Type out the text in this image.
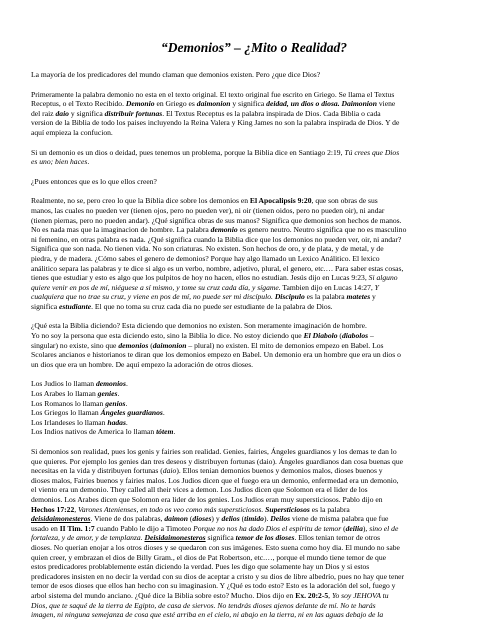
“Demonios” – ¿Mito o Realidad?

La mayoría de los predicadores del mundo claman que demonios existen. Pero ¿que dice Dios?

Primeramente la palabra demonio no esta en el texto original. El texto original fue escrito en Griego. Se llama el Textus
Receptus, o el Texto Recibido. Demonio en Griego es daimonion y significa deidad, un dios o diosa. Daimonion viene
del raiz daio y significa distribuir fortunas. El Textus Receptus es la palabra inspirada de Dios. Cada Biblia o cada
version de la Biblia de todo los paises incluyendo la Reina Valera y King James no son la palabra inspirada de Dios. Y de
aquí empieza la confucion.

Si un demonio es un dios o deidad, pues tenemos un problema, porque la Biblia dice en Santiago 2:19, Tú crees que Dios
es uno; bien haces.

¿Pues entonces que es lo que ellos creen?

Realmente, no se, pero creo lo que la Biblia dice sobre los demonios en El Apocalipsis 9:20, que son obras de sus
manos, las cuales no pueden ver (tienen ojos, pero no pueden ver), ni oir (tienen oidos, pero no pueden oir), ni andar
(tienen piernas, pero no pueden andar). ¿Qué significa obras de sus manos? Significa que demonios son hechos de manos.
No es nada mas que la imaginacion de hombre. La palabra demonio es genero neutro. Neutro significa que no es masculino
ni femenino, en otras palabra es nada. ¿Qué significa cuando la Biblia dice que los demonios no pueden ver, oir, ni andar?
Significa que son nada. No tienen vida. No son criaturas. No existen. Son hechos de oro, y de plata, y de metal, y de
piedra, y de madera. ¿Cómo sabes el genero de demonios? Porque hay algo llamado un Lexico Análitico. El lexico
análitico separa las palabras y te dice si algo es un verbo, nombre, adjetivo, plural, el genero, etc.… Para saber estas cosas,
tienes que estudiar y esto es algo que los pulpitos de hoy no hacen, ellos no estudian. Jesús dijo en Lucas 9:23, Si alguno
quiere venir en pos de mí, niéguese a sí mismo, y tome su cruz cada día, y sígame. Tambien dijo en Lucas 14:27, Y
cualquiera que no trae su cruz, y viene en pos de mí, no puede ser mi discípulo. Discipulo es la palabra matetes y
significa estudiante. El que no toma su cruz cada dia no puede ser estudiante de la palabra de Dios.

¿Qué esta la Biblia diciendo? Esta diciendo que demonios no existen. Son meramente imaginación de hombre.
Yo no soy la persona que esta diciendo esto, sino la Biblia lo dice. No estoy diciendo que El Diabolo (diabolos –
singular) no existe, sino que demonios (daimonion – plural) no existen. El mito de demonios empezo en Babel. Los
Scolares ancianos e historianos te diran que los demonios empezo en Babel. Un demonio era un hombre que era un dios o
un dios que era un hombre. De aquí empezo la adoración de otros dioses.

Los Judios lo llaman demonios.
Los Arabes lo llaman genies.
Los Romanos lo llaman genios.
Los Griegos lo llaman Ángeles guardianos.
Los Irlandeses lo llaman hadas.
Los Indios nativos de America lo llaman tótem.

Si demonios son realidad, pues los genis y fairies son realidad. Genies, fairies, Ángeles guardianos y los demas te dan lo
que quieres. Por ejemplo los genies dan tres deseos y distribuyen fortunas (daio). Ángeles guardianos dan cosa buenas que
necesitas en la vida y distribuyen fortunas (daio). Ellos tenian demonios buenos y demonios malos, dioses buenos y
dioses malos, Fairies buenos y fairies malos. Los Judios dicen que el fuego era un demonio, enfermedad era un demonio,
el viento era un demonio. They called all their vices a demon. Los Judios dicen que Solomon era el lider de los
demonios. Los Arabes dicen que Solomon era lider de los genies. Los Judios eran muy supersticiosos. Pablo dijo en
Hechos 17:22, Varones Atenienses, en todo os veo como más supersticiosos. Supersticiosos es la palabra
deisidaimonesteros. Viene de dos palabras, daimon (dioses) y delios (timido). Deilos viene de misma palabra que fue
usado en II Tim. 1:7 cuando Pablo le dijo a Timoteo Porque no nos ha dado Dios el espíritu de temor (deilia), sino el de
fortaleza, y de amor, y de templanza. Deisidaimonesteros significa temor de los dioses. Ellos tenian temor de otros
dioses. No querian enojar a los otros dioses y se quedaron con sus imágenes. Esto suena como hoy dia. El mundo no sabe
quien creer, y embrazan el dios de Billy Gram., el dios de Pat Robertson, etc.…, porque el mundo tiene temor de que
estos predicadores problablemente están diciendo la verdad. Pues les digo que solamente hay un Dios y si estos
predicadores insisten en no decir la verdad con su dios de aceptar a cristo y su dios de libre albedrío, pues no hay que tener
temor de esos dioses que ellos han hecho con su imaginasion. Y ¿Qué es todo esto? Esto es la adoración del sol, fuego y
arbol sistema del mundo anciano. ¿Qué dice la Biblia sobre esto? Mucho. Dios dijo en Ex. 20:2-5, Yo soy JEHOVA tu
Dios, que te saqué de la tierra de Egipto, de casa de siervos. No tendrás dioses ajenos delante de mí. No te harás
imagen, ni ninguna semejanza de cosa que esté arriba en el cielo, ni abajo en la tierra, ni en las aguas debajo de la
